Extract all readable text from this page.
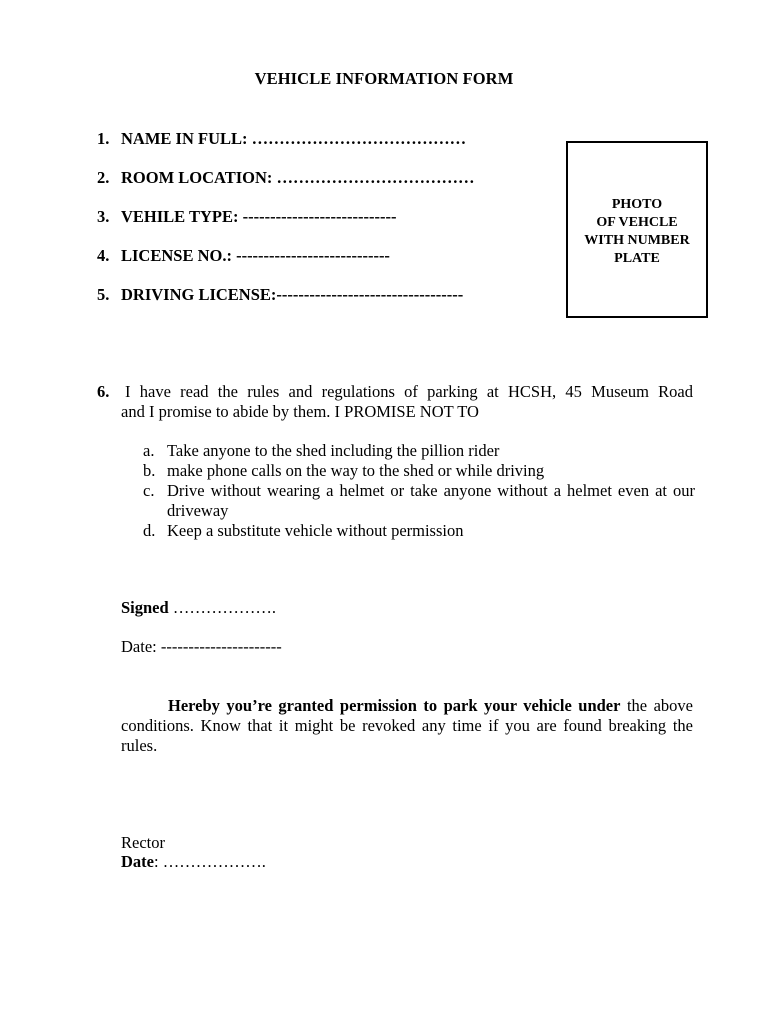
VEHICLE INFORMATION FORM
1. NAME IN FULL: …………………………………
2. ROOM LOCATION: ………………………………
3. VEHILE TYPE: ----------------------------
4. LICENSE NO.: ----------------------------
5. DRIVING LICENSE:----------------------------------
PHOTO
OF VEHCLE
WITH NUMBER
PLATE
6. I have read the rules and regulations of parking at HCSH, 45 Museum Road
and I promise to abide by them. I PROMISE NOT TO
a. Take anyone to the shed including the pillion rider
b. make phone calls on the way to the shed or while driving
c. Drive without wearing a helmet or take anyone without a helmet even at our driveway
d. Keep a substitute vehicle without permission
Signed ……………….
Date: ----------------------
Hereby you’re granted permission to park your vehicle under the above conditions. Know that it might be revoked any time if you are found breaking the rules.
Rector
Date: ……………….
